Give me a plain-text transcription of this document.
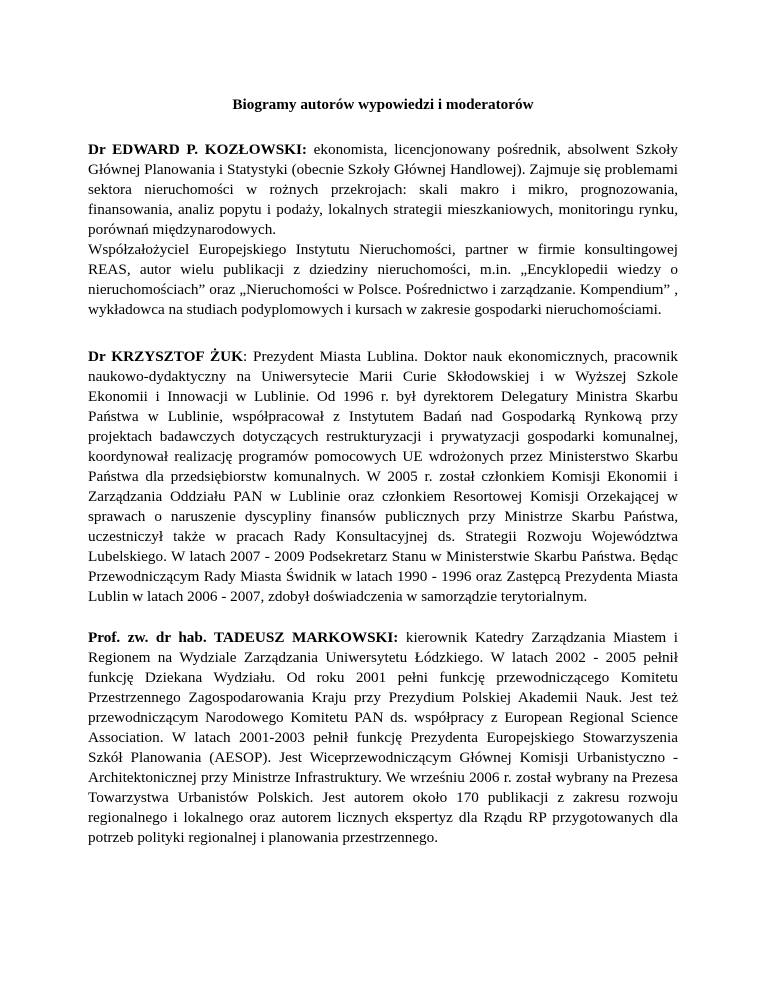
Biogramy autorów wypowiedzi i moderatorów

Dr EDWARD P. KOZŁOWSKI: ekonomista, licencjonowany pośrednik, absolwent Szkoły Głównej Planowania i Statystyki (obecnie Szkoły Głównej Handlowej). Zajmuje się problemami sektora nieruchomości w rożnych przekrojach: skali makro i mikro, prognozowania, finansowania, analiz popytu i podaży, lokalnych strategii mieszkaniowych, monitoringu rynku, porównań międzynarodowych.

Współzałożyciel Europejskiego Instytutu Nieruchomości, partner w firmie konsultingowej REAS, autor wielu publikacji z dziedziny nieruchomości, m.in. „Encyklopedii wiedzy o nieruchomościach” oraz „Nieruchomości w Polsce. Pośrednictwo i zarządzanie. Kompendium” , wykładowca na studiach podyplomowych i kursach w zakresie gospodarki nieruchomościami.

Dr KRZYSZTOF ŻUK: Prezydent Miasta Lublina. Doktor nauk ekonomicznych, pracownik naukowo-dydaktyczny na Uniwersytecie Marii Curie Skłodowskiej i w Wyższej Szkole Ekonomii i Innowacji w Lublinie. Od 1996 r. był dyrektorem Delegatury Ministra Skarbu Państwa w Lublinie, współpracował z Instytutem Badań nad Gospodarką Rynkową przy projektach badawczych dotyczących restrukturyzacji i prywatyzacji gospodarki komunalnej, koordynował realizację programów pomocowych UE wdrożonych przez Ministerstwo Skarbu Państwa dla przedsiębiorstw komunalnych. W 2005 r. został członkiem Komisji Ekonomii i Zarządzania Oddziału PAN w Lublinie oraz członkiem Resortowej Komisji Orzekającej w sprawach o naruszenie dyscypliny finansów publicznych przy Ministrze Skarbu Państwa, uczestniczył także w pracach Rady Konsultacyjnej ds. Strategii Rozwoju Województwa Lubelskiego. W latach 2007 - 2009 Podsekretarz Stanu w Ministerstwie Skarbu Państwa. Będąc Przewodniczącym Rady Miasta Świdnik w latach 1990 - 1996 oraz Zastępcą Prezydenta Miasta Lublin w latach 2006 - 2007, zdobył doświadczenia w samorządzie terytorialnym.

Prof. zw. dr hab. TADEUSZ MARKOWSKI: kierownik Katedry Zarządzania Miastem i Regionem na Wydziale Zarządzania Uniwersytetu Łódzkiego. W latach 2002 - 2005 pełnił funkcję Dziekana Wydziału. Od roku 2001 pełni funkcję przewodniczącego Komitetu Przestrzennego Zagospodarowania Kraju przy Prezydium Polskiej Akademii Nauk. Jest też przewodniczącym Narodowego Komitetu PAN ds. współpracy z European Regional Science Association. W latach 2001-2003 pełnił funkcję Prezydenta Europejskiego Stowarzyszenia Szkół Planowania (AESOP). Jest Wiceprzewodniczącym Głównej Komisji Urbanistyczno - Architektonicznej przy Ministrze Infrastruktury. We wrześniu 2006 r. został wybrany na Prezesa Towarzystwa Urbanistów Polskich. Jest autorem około 170 publikacji z zakresu rozwoju regionalnego i lokalnego oraz autorem licznych ekspertyz dla Rządu RP przygotowanych dla potrzeb polityki regionalnej i planowania przestrzennego.
